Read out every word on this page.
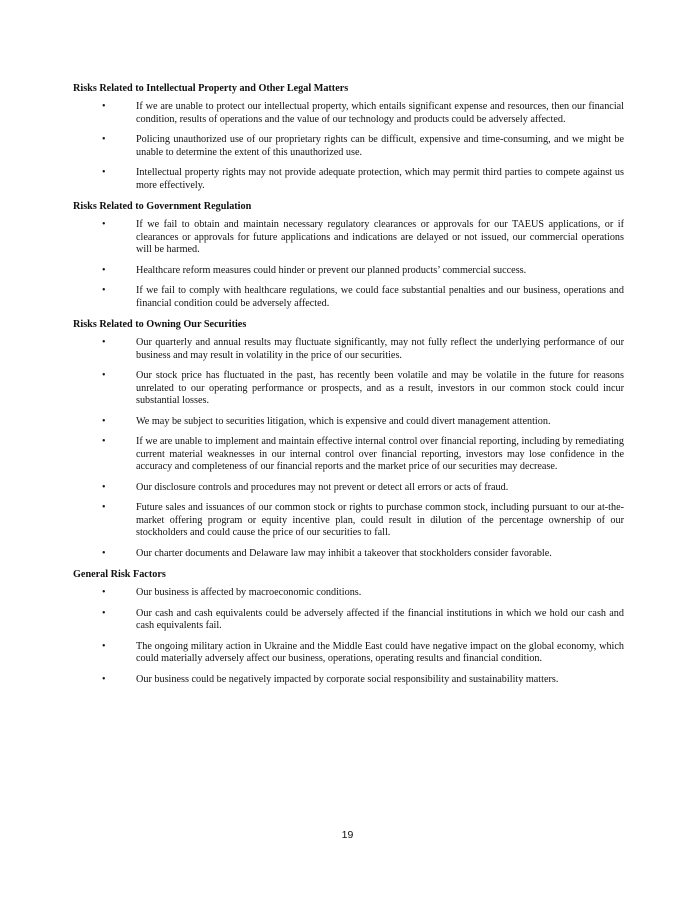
Risks Related to Intellectual Property and Other Legal Matters
•	If we are unable to protect our intellectual property, which entails significant expense and resources, then our financial condition, results of operations and the value of our technology and products could be adversely affected.
•	Policing unauthorized use of our proprietary rights can be difficult, expensive and time-consuming, and we might be unable to determine the extent of this unauthorized use.
•	Intellectual property rights may not provide adequate protection, which may permit third parties to compete against us more effectively.
Risks Related to Government Regulation
•	If we fail to obtain and maintain necessary regulatory clearances or approvals for our TAEUS applications, or if clearances or approvals for future applications and indications are delayed or not issued, our commercial operations will be harmed.
•	Healthcare reform measures could hinder or prevent our planned products’ commercial success.
•	If we fail to comply with healthcare regulations, we could face substantial penalties and our business, operations and financial condition could be adversely affected.
Risks Related to Owning Our Securities
•	Our quarterly and annual results may fluctuate significantly, may not fully reflect the underlying performance of our business and may result in volatility in the price of our securities.
•	Our stock price has fluctuated in the past, has recently been volatile and may be volatile in the future for reasons unrelated to our operating performance or prospects, and as a result, investors in our common stock could incur substantial losses.
•	We may be subject to securities litigation, which is expensive and could divert management attention.
•	If we are unable to implement and maintain effective internal control over financial reporting, including by remediating current material weaknesses in our internal control over financial reporting, investors may lose confidence in the accuracy and completeness of our financial reports and the market price of our securities may decrease.
•	Our disclosure controls and procedures may not prevent or detect all errors or acts of fraud.
•	Future sales and issuances of our common stock or rights to purchase common stock, including pursuant to our at-the-market offering program or equity incentive plan, could result in dilution of the percentage ownership of our stockholders and could cause the price of our securities to fall.
•	Our charter documents and Delaware law may inhibit a takeover that stockholders consider favorable.
General Risk Factors
•	Our business is affected by macroeconomic conditions.
•	Our cash and cash equivalents could be adversely affected if the financial institutions in which we hold our cash and cash equivalents fail.
•	The ongoing military action in Ukraine and the Middle East could have negative impact on the global economy, which could materially adversely affect our business, operations, operating results and financial condition.
•	Our business could be negatively impacted by corporate social responsibility and sustainability matters.
19
